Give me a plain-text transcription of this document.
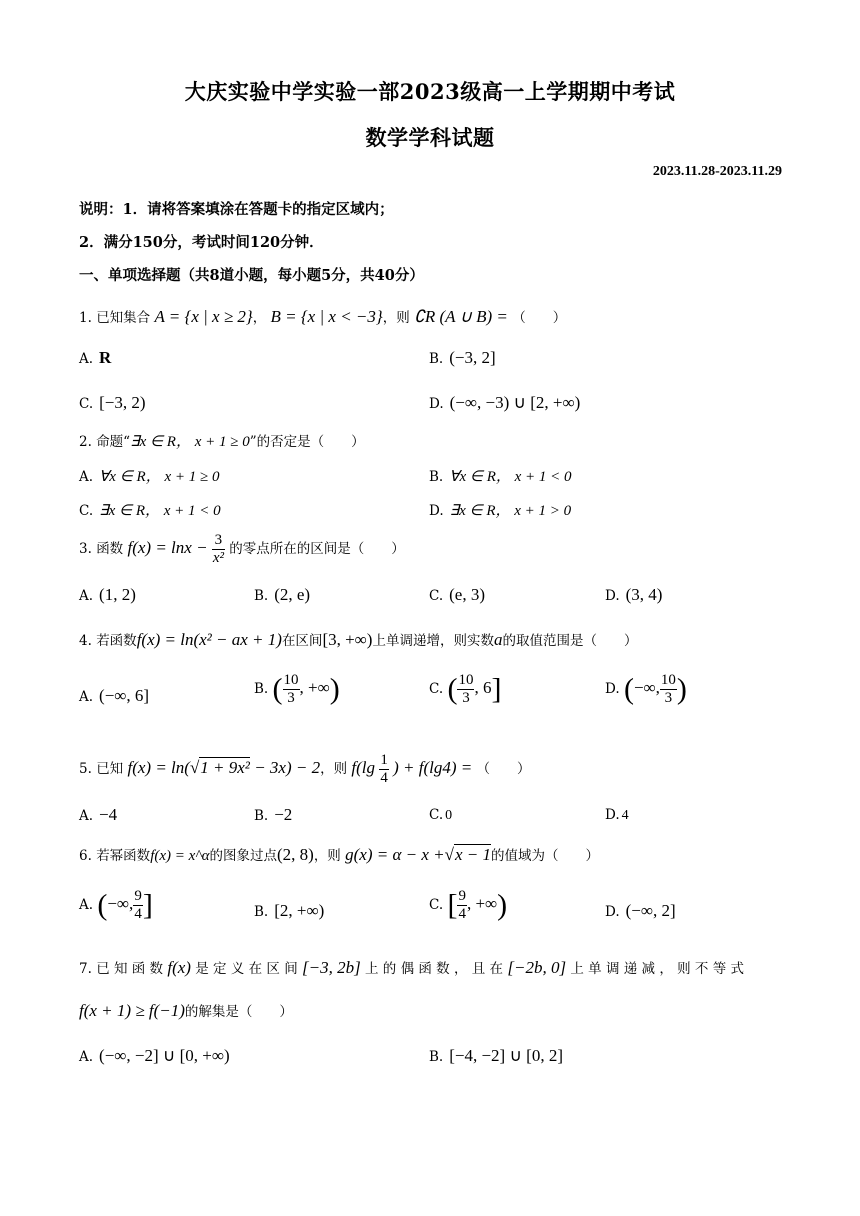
大庆实验中学实验一部2023级高一上学期期中考试
数学学科试题
2023.11.28-2023.11.29
说明：1．请将答案填涂在答题卡的指定区域内；
2．满分150分，考试时间120分钟．
一、单项选择题（共8道小题，每小题5分，共40分）
1. 已知集合 A = {x | x ≥ 2}， B = {x | x < −3}，则 ∁R (A ∪ B) = （　　）
A. R	B. (−3, 2]
C. [−3, 2)	D. (−∞, −3) ∪ [2, +∞)
2. 命题“∃x ∈ R， x + 1 ≥ 0”的否定是（　　）
A. ∀x ∈ R， x + 1 ≥ 0	B. ∀x ∈ R， x + 1 < 0
C. ∃x ∈ R， x + 1 < 0	D. ∃x ∈ R， x + 1 > 0
3. 函数 $f(x) = \ln x - \frac{3}{\text{x²}}$ 的零点所在的区间是（　　）
A. (1, 2)	B. (2, e)	C. (e, 3)	D. (3, 4)
4. 若函数f(x) = ln(x² − ax + 1)在区间[3, +∞)上单调递增，则实数a的取值范围是（　　）
A. (−∞, 6]	B. ( $\frac{10}{3}$ , +∞)	C. ( $\frac{10}{3}$ , 6]	D. (−∞, $\frac{10}{3}$ )
5. 已知 f(x) = ln(√1 + 9x² − 3x) − 2，则 $f(\lg \frac{1}{4}$ ) + f(lg4) = （　　）
A. −4	B. −2	C. 0	D. 4
6. 若幂函数f(x) = x^α的图象过点(2, 8)，则 g(x) = α − x +√x − 1的值域为（　　）
A. (−∞, $\frac{9}{4}$ ]	B. [2, +∞)	C. [ $\frac{9}{4}$ , +∞)	D. (−∞, 2]
7. 已 知 函 数 f(x) 是 定 义 在 区 间 [−3, 2b] 上 的 偶 函 数 ， 且 在 [−2b, 0] 上 单 调 递 减 ， 则 不 等 式
f(x + 1) ≥ f(−1)的解集是（　　）
A. (−∞, −2] ∪ [0, +∞)	B. [−4, −2] ∪ [0, 2]
